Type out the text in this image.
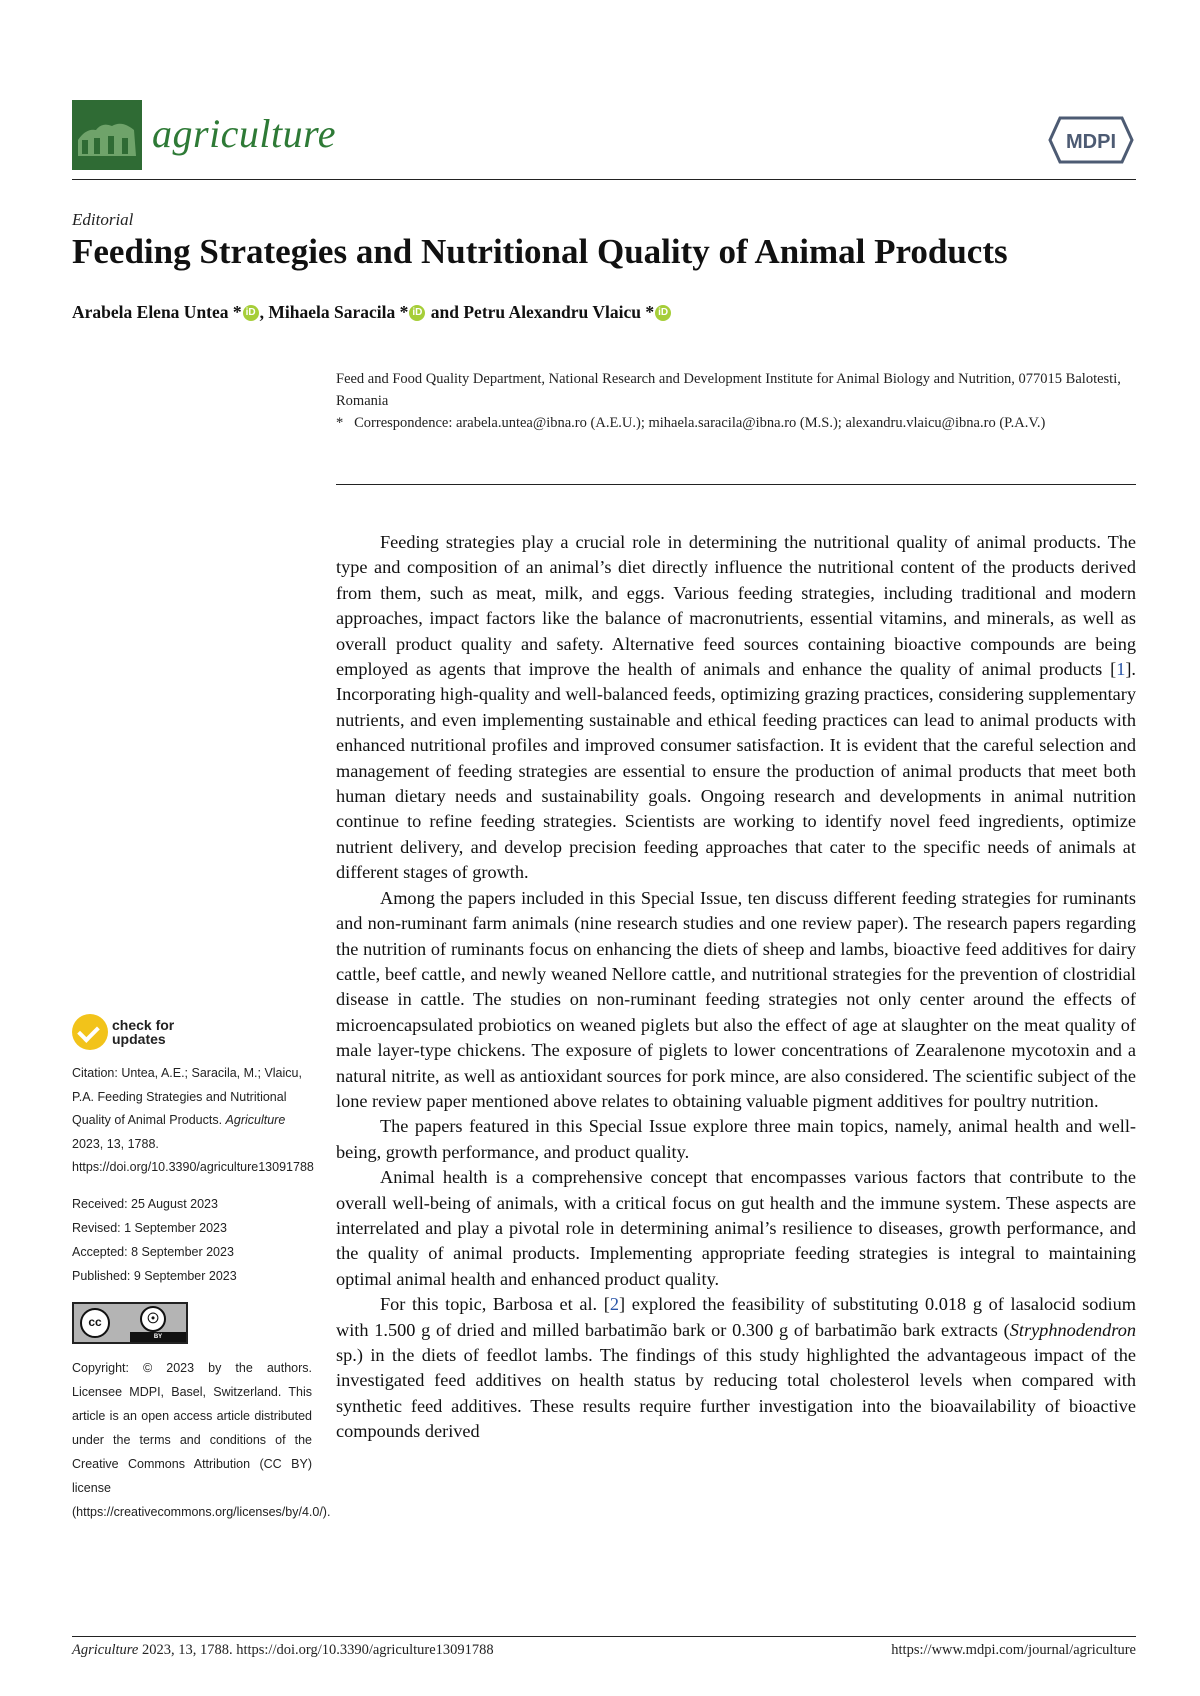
agriculture	MDPI
Editorial
Feeding Strategies and Nutritional Quality of Animal Products
Arabela Elena Untea * iD , Mihaela Saracila * iD and Petru Alexandru Vlaicu * iD
Feed and Food Quality Department, National Research and Development Institute for Animal Biology and Nutrition, 077015 Balotesti, Romania
* Correspondence: arabela.untea@ibna.ro (A.E.U.); mihaela.saracila@ibna.ro (M.S.); alexandru.vlaicu@ibna.ro (P.A.V.)

Feeding strategies play a crucial role in determining the nutritional quality of animal products. The type and composition of an animal’s diet directly influence the nutritional content of the products derived from them, such as meat, milk, and eggs. Various feeding strategies, including traditional and modern approaches, impact factors like the balance of macronutrients, essential vitamins, and minerals, as well as overall product quality and safety. Alternative feed sources containing bioactive compounds are being employed as agents that improve the health of animals and enhance the quality of animal products [1]. Incorporating high-quality and well-balanced feeds, optimizing grazing practices, considering supplementary nutrients, and even implementing sustainable and ethical feeding practices can lead to animal products with enhanced nutritional profiles and improved consumer satisfaction. It is evident that the careful selection and management of feeding strategies are essential to ensure the production of animal products that meet both human dietary needs and sustainability goals. Ongoing research and developments in animal nutrition continue to refine feeding strategies. Scientists are working to identify novel feed ingredients, optimize nutrient delivery, and develop precision feeding approaches that cater to the specific needs of animals at different stages of growth.

Among the papers included in this Special Issue, ten discuss different feeding strategies for ruminants and non-ruminant farm animals (nine research studies and one review paper). The research papers regarding the nutrition of ruminants focus on enhancing the diets of sheep and lambs, bioactive feed additives for dairy cattle, beef cattle, and newly weaned Nellore cattle, and nutritional strategies for the prevention of clostridial disease in cattle. The studies on non-ruminant feeding strategies not only center around the effects of microencapsulated probiotics on weaned piglets but also the effect of age at slaughter on the meat quality of male layer-type chickens. The exposure of piglets to lower concentrations of Zearalenone mycotoxin and a natural nitrite, as well as antioxidant sources for pork mince, are also considered. The scientific subject of the lone review paper mentioned above relates to obtaining valuable pigment additives for poultry nutrition.

The papers featured in this Special Issue explore three main topics, namely, animal health and well-being, growth performance, and product quality.

Animal health is a comprehensive concept that encompasses various factors that contribute to the overall well-being of animals, with a critical focus on gut health and the immune system. These aspects are interrelated and play a pivotal role in determining animal’s resilience to diseases, growth performance, and the quality of animal products. Implementing appropriate feeding strategies is integral to maintaining optimal animal health and enhanced product quality.

For this topic, Barbosa et al. [2] explored the feasibility of substituting 0.018 g of lasalocid sodium with 1.500 g of dried and milled barbatimão bark or 0.300 g of barbatimão bark extracts (Stryphnodendron sp.) in the diets of feedlot lambs. The findings of this study highlighted the advantageous impact of the investigated feed additives on health status by reducing total cholesterol levels when compared with synthetic feed additives. These results require further investigation into the bioavailability of bioactive compounds derived

check for
updates
Citation: Untea, A.E.; Saracila, M.; Vlaicu, P.A. Feeding Strategies and Nutritional Quality of Animal Products. Agriculture 2023, 13, 1788. https://doi.org/10.3390/agriculture13091788
Received: 25 August 2023
Revised: 1 September 2023
Accepted: 8 September 2023
Published: 9 September 2023
cc	☉
BY
Copyright: © 2023 by the authors. Licensee MDPI, Basel, Switzerland. This article is an open access article distributed under the terms and conditions of the Creative Commons Attribution (CC BY) license (https://creativecommons.org/licenses/by/4.0/).
Agriculture 2023, 13, 1788. https://doi.org/10.3390/agriculture13091788	https://www.mdpi.com/journal/agriculture
